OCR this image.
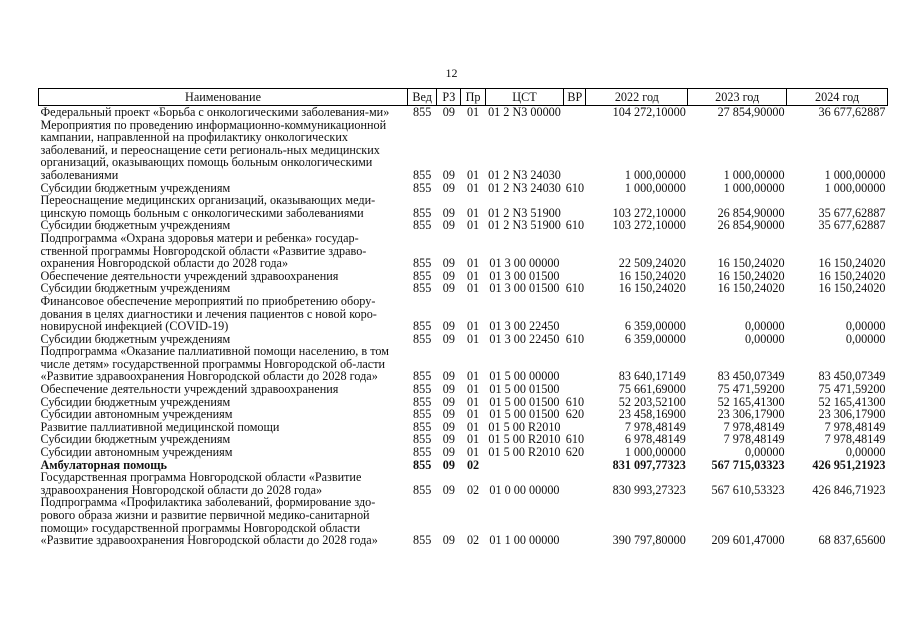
12
Наименование	Вед	РЗ	Пр	ЦСТ	ВР	2022 год	2023 год	2024 год
Федеральный проект «Борьба с онкологическими заболевания-ми»	855	09	01	01 2 N3 00000		104 272,10000	27 854,90000	36 677,62887
Мероприятия по проведению информационно-коммуникационной кампании, направленной на профилактику онкологических заболеваний, и переоснащение сети региональ-ных медицинских организаций, оказывающих помощь больным онкологическими заболеваниями	855	09	01	01 2 N3 24030		1 000,00000	1 000,00000	1 000,00000
Субсидии бюджетным учреждениям	855	09	01	01 2 N3 24030	610	1 000,00000	1 000,00000	1 000,00000
Переоснащение медицинских организаций, оказывающих меди-цинскую помощь больным с онкологическими заболеваниями	855	09	01	01 2 N3 51900		103 272,10000	26 854,90000	35 677,62887
Субсидии бюджетным учреждениям	855	09	01	01 2 N3 51900	610	103 272,10000	26 854,90000	35 677,62887
Подпрограмма «Охрана здоровья матери и ребенка» государ-ственной программы Новгородской области «Развитие здраво-охранения Новгородской области до 2028 года»	855	09	01	01 3 00 00000		22 509,24020	16 150,24020	16 150,24020
Обеспечение деятельности учреждений здравоохранения	855	09	01	01 3 00 01500		16 150,24020	16 150,24020	16 150,24020
Субсидии бюджетным учреждениям	855	09	01	01 3 00 01500	610	16 150,24020	16 150,24020	16 150,24020
Финансовое обеспечение мероприятий по приобретению обору-дования в целях диагностики и лечения пациентов с новой коро-новирусной инфекцией (COVID-19)	855	09	01	01 3 00 22450		6 359,00000	0,00000	0,00000
Субсидии бюджетным учреждениям	855	09	01	01 3 00 22450	610	6 359,00000	0,00000	0,00000
Подпрограмма «Оказание паллиативной помощи населению, в том числе детям» государственной программы Новгородской об-ласти «Развитие здравоохранения Новгородской области до 2028 года»	855	09	01	01 5 00 00000		83 640,17149	83 450,07349	83 450,07349
Обеспечение деятельности учреждений здравоохранения	855	09	01	01 5 00 01500		75 661,69000	75 471,59200	75 471,59200
Субсидии бюджетным учреждениям	855	09	01	01 5 00 01500	610	52 203,52100	52 165,41300	52 165,41300
Субсидии автономным учреждениям	855	09	01	01 5 00 01500	620	23 458,16900	23 306,17900	23 306,17900
Развитие паллиативной медицинской помощи	855	09	01	01 5 00 R2010		7 978,48149	7 978,48149	7 978,48149
Субсидии бюджетным учреждениям	855	09	01	01 5 00 R2010	610	6 978,48149	7 978,48149	7 978,48149
Субсидии автономным учреждениям	855	09	01	01 5 00 R2010	620	1 000,00000	0,00000	0,00000
Амбулаторная помощь	855	09	02			831 097,77323	567 715,03323	426 951,21923
Государственная программа Новгородской области «Развитие здравоохранения Новгородской области до 2028 года»	855	09	02	01 0 00 00000		830 993,27323	567 610,53323	426 846,71923
Подпрограмма «Профилактика заболеваний, формирование здо-рового образа жизни и развитие первичной медико-санитарной помощи» государственной программы Новгородской области «Развитие здравоохранения Новгородской области до 2028 года»	855	09	02	01 1 00 00000		390 797,80000	209 601,47000	68 837,65600
